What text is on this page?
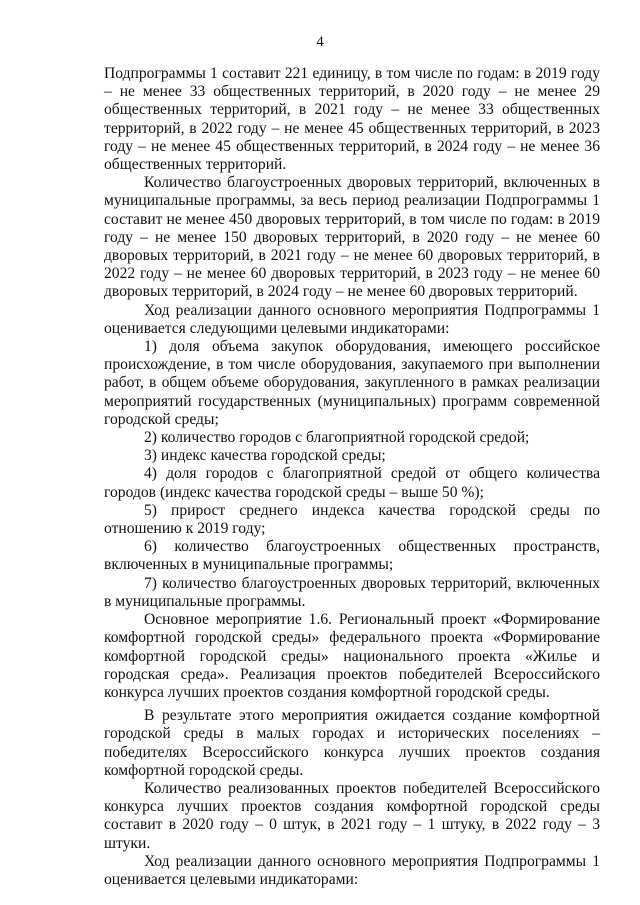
4

Подпрограммы 1 составит 221 единицу, в том числе по годам: в 2019 году – не менее 33 общественных территорий, в 2020 году – не менее 29 общественных территорий, в 2021 году – не менее 33 общественных территорий, в 2022 году – не менее 45 общественных территорий, в 2023 году – не менее 45 общественных территорий, в 2024 году – не менее 36 общественных территорий.

Количество благоустроенных дворовых территорий, включенных в муниципальные программы, за весь период реализации Подпрограммы 1 составит не менее 450 дворовых территорий, в том числе по годам: в 2019 году – не менее 150 дворовых территорий, в 2020 году – не менее 60 дворовых территорий, в 2021 году – не менее 60 дворовых территорий, в 2022 году – не менее 60 дворовых территорий, в 2023 году – не менее 60 дворовых территорий, в 2024 году – не менее 60 дворовых территорий.

Ход реализации данного основного мероприятия Подпрограммы 1 оценивается следующими целевыми индикаторами:

1) доля объема закупок оборудования, имеющего российское происхождение, в том числе оборудования, закупаемого при выполнении работ, в общем объеме оборудования, закупленного в рамках реализации мероприятий государственных (муниципальных) программ современной городской среды;

2) количество городов с благоприятной городской средой;

3) индекс качества городской среды;

4) доля городов с благоприятной средой от общего количества городов (индекс качества городской среды – выше 50 %);

5) прирост среднего индекса качества городской среды по отношению к 2019 году;

6) количество благоустроенных общественных пространств, включенных в муниципальные программы;

7) количество благоустроенных дворовых территорий, включенных в муниципальные программы.

Основное мероприятие 1.6. Региональный проект «Формирование комфортной городской среды» федерального проекта «Формирование комфортной городской среды» национального проекта «Жилье и городская среда». Реализация проектов победителей Всероссийского конкурса лучших проектов создания комфортной городской среды.

В результате этого мероприятия ожидается создание комфортной городской среды в малых городах и исторических поселениях – победителях Всероссийского конкурса лучших проектов создания комфортной городской среды.

Количество реализованных проектов победителей Всероссийского конкурса лучших проектов создания комфортной городской среды составит в 2020 году – 0 штук, в 2021 году – 1 штуку, в 2022 году – 3 штуки.

Ход реализации данного основного мероприятия Подпрограммы 1 оценивается целевыми индикаторами:
